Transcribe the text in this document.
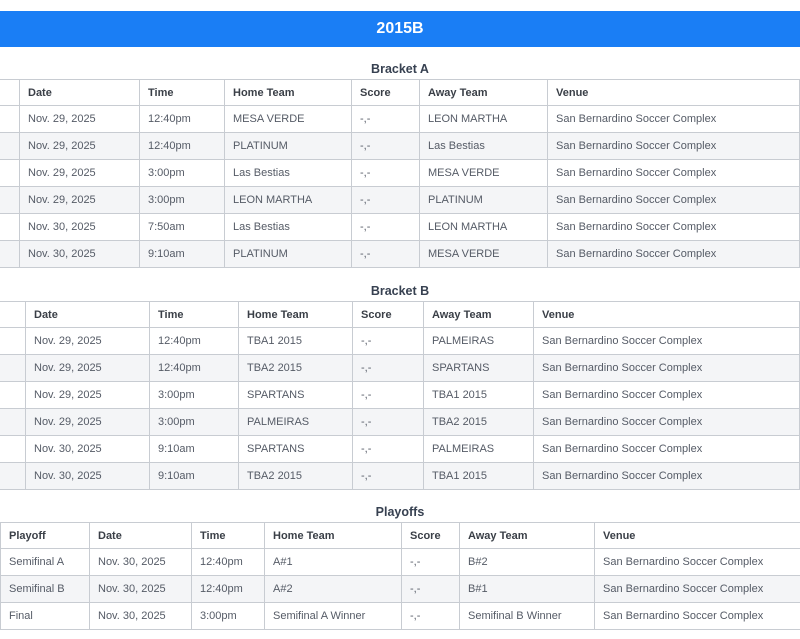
2015B
Bracket A
	Date	Time	Home Team	Score	Away Team	Venue
	Nov. 29, 2025	12:40pm	MESA VERDE	-,-	LEON MARTHA	San Bernardino Soccer Complex
	Nov. 29, 2025	12:40pm	PLATINUM	-,-	Las Bestias	San Bernardino Soccer Complex
	Nov. 29, 2025	3:00pm	Las Bestias	-,-	MESA VERDE	San Bernardino Soccer Complex
	Nov. 29, 2025	3:00pm	LEON MARTHA	-,-	PLATINUM	San Bernardino Soccer Complex
	Nov. 30, 2025	7:50am	Las Bestias	-,-	LEON MARTHA	San Bernardino Soccer Complex
	Nov. 30, 2025	9:10am	PLATINUM	-,-	MESA VERDE	San Bernardino Soccer Complex
Bracket B
	Date	Time	Home Team	Score	Away Team	Venue
	Nov. 29, 2025	12:40pm	TBA1 2015	-,-	PALMEIRAS	San Bernardino Soccer Complex
	Nov. 29, 2025	12:40pm	TBA2 2015	-,-	SPARTANS	San Bernardino Soccer Complex
	Nov. 29, 2025	3:00pm	SPARTANS	-,-	TBA1 2015	San Bernardino Soccer Complex
	Nov. 29, 2025	3:00pm	PALMEIRAS	-,-	TBA2 2015	San Bernardino Soccer Complex
	Nov. 30, 2025	9:10am	SPARTANS	-,-	PALMEIRAS	San Bernardino Soccer Complex
	Nov. 30, 2025	9:10am	TBA2 2015	-,-	TBA1 2015	San Bernardino Soccer Complex
Playoffs
Playoff	Date	Time	Home Team	Score	Away Team	Venue
Semifinal A	Nov. 30, 2025	12:40pm	A#1	-,-	B#2	San Bernardino Soccer Complex
Semifinal B	Nov. 30, 2025	12:40pm	A#2	-,-	B#1	San Bernardino Soccer Complex
Final	Nov. 30, 2025	3:00pm	Semifinal A Winner	-,-	Semifinal B Winner	San Bernardino Soccer Complex
